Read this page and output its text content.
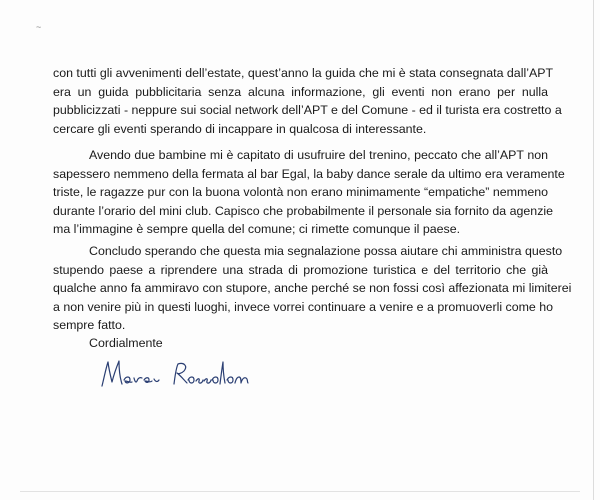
~

con tutti gli avvenimenti dell’estate, quest’anno la guida che mi è stata consegnata dall’APT
era un guida pubblicitaria senza alcuna informazione, gli eventi non erano per nulla
pubblicizzati - neppure sui social network dell’APT e del Comune - ed il turista era costretto a
cercare gli eventi sperando di incappare in qualcosa di interessante.

Avendo due bambine mi è capitato di usufruire del trenino, peccato che all’APT non
sapessero nemmeno della fermata al bar Egal, la baby dance serale da ultimo era veramente
triste, le ragazze pur con la buona volontà non erano minimamente “empatiche” nemmeno
durante l’orario del mini club. Capisco che probabilmente il personale sia fornito da agenzie
ma l’immagine è sempre quella del comune; ci rimette comunque il paese.

Concludo sperando che questa mia segnalazione possa aiutare chi amministra questo
stupendo paese a riprendere una strada di promozione turistica e del territorio che già
qualche anno fa ammiravo con stupore, anche perché se non fossi così affezionata mi limiterei
a non venire più in questi luoghi, invece vorrei continuare a venire e a promuoverli come ho
sempre fatto.

Cordialmente
